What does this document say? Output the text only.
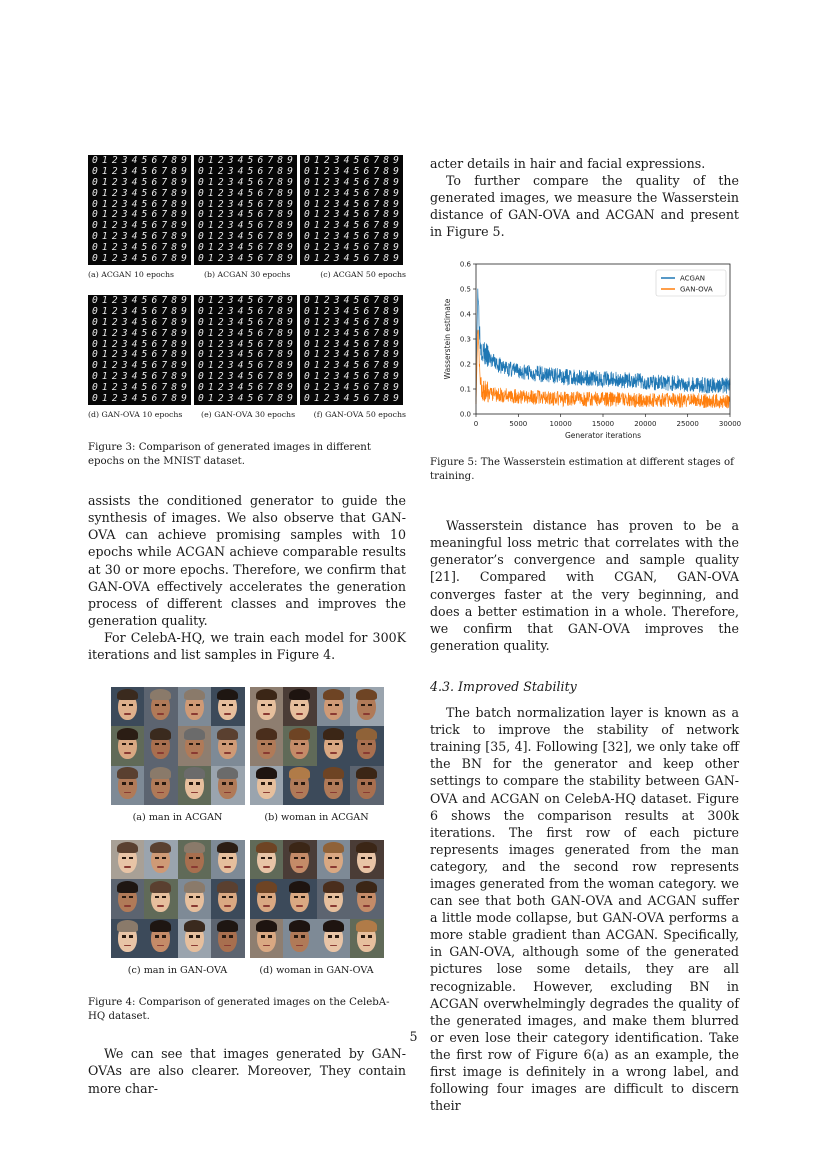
0 1 2 3 4 5 6 7 8 9
0 1 2 3 4 5 6 7 8 9
0 1 2 3 4 5 6 7 8 9
0 1 2 3 4 5 6 7 8 9
0 1 2 3 4 5 6 7 8 9
0 1 2 3 4 5 6 7 8 9
0 1 2 3 4 5 6 7 8 9
0 1 2 3 4 5 6 7 8 9
0 1 2 3 4 5 6 7 8 9
0 1 2 3 4 5 6 7 8 9
0 1 2 3 4 5 6 7 8 9
0 1 2 3 4 5 6 7 8 9
0 1 2 3 4 5 6 7 8 9
0 1 2 3 4 5 6 7 8 9
0 1 2 3 4 5 6 7 8 9
0 1 2 3 4 5 6 7 8 9
0 1 2 3 4 5 6 7 8 9
0 1 2 3 4 5 6 7 8 9
0 1 2 3 4 5 6 7 8 9
0 1 2 3 4 5 6 7 8 9
0 1 2 3 4 5 6 7 8 9
0 1 2 3 4 5 6 7 8 9
0 1 2 3 4 5 6 7 8 9
0 1 2 3 4 5 6 7 8 9
0 1 2 3 4 5 6 7 8 9
0 1 2 3 4 5 6 7 8 9
0 1 2 3 4 5 6 7 8 9
0 1 2 3 4 5 6 7 8 9
0 1 2 3 4 5 6 7 8 9
0 1 2 3 4 5 6 7 8 9
(a) ACGAN 10 epochs	(b) ACGAN 30 epochs	(c) ACGAN 50 epochs
0 1 2 3 4 5 6 7 8 9
0 1 2 3 4 5 6 7 8 9
0 1 2 3 4 5 6 7 8 9
0 1 2 3 4 5 6 7 8 9
0 1 2 3 4 5 6 7 8 9
0 1 2 3 4 5 6 7 8 9
0 1 2 3 4 5 6 7 8 9
0 1 2 3 4 5 6 7 8 9
0 1 2 3 4 5 6 7 8 9
0 1 2 3 4 5 6 7 8 9
0 1 2 3 4 5 6 7 8 9
0 1 2 3 4 5 6 7 8 9
0 1 2 3 4 5 6 7 8 9
0 1 2 3 4 5 6 7 8 9
0 1 2 3 4 5 6 7 8 9
0 1 2 3 4 5 6 7 8 9
0 1 2 3 4 5 6 7 8 9
0 1 2 3 4 5 6 7 8 9
0 1 2 3 4 5 6 7 8 9
0 1 2 3 4 5 6 7 8 9
0 1 2 3 4 5 6 7 8 9
0 1 2 3 4 5 6 7 8 9
0 1 2 3 4 5 6 7 8 9
0 1 2 3 4 5 6 7 8 9
0 1 2 3 4 5 6 7 8 9
0 1 2 3 4 5 6 7 8 9
0 1 2 3 4 5 6 7 8 9
0 1 2 3 4 5 6 7 8 9
0 1 2 3 4 5 6 7 8 9
0 1 2 3 4 5 6 7 8 9
(d) GAN-OVA 10 epochs (e) GAN-OVA 30 epochs (f) GAN-OVA 50 epochs
Figure 3: Comparison of generated images in different epochs on the MNIST dataset.

assists the conditioned generator to guide the synthesis of images. We also observe that GAN-OVA can achieve promising samples with 10 epochs while ACGAN achieve comparable results at 30 or more epochs. Therefore, we confirm that GAN-OVA effectively accelerates the generation process of different classes and improves the generation quality.

For CelebA-HQ, we train each model for 300K iterations and list samples in Figure 4.

(a) man in ACGAN	(b) woman in ACGAN
(c) man in GAN-OVA	(d) woman in GAN-OVA
Figure 4: Comparison of generated images on the CelebA-HQ dataset.

We can see that images generated by GAN-OVAs are also clearer. Moreover, They contain more char-

acter details in hair and facial expressions.

To further compare the quality of the generated images, we measure the Wasserstein distance of GAN-OVA and ACGAN and present in Figure 5.

0	5000	10000	15000	20000	25000	30000
0.0
0.1
0.2
0.3
0.4
0.5
0.6
Generator iterations
Wasserstein estimate
ACGAN
GAN-OVA
Figure 5: The Wasserstein estimation at different stages of training.

Wasserstein distance has proven to be a meaningful loss metric that correlates with the generator’s convergence and sample quality [21]. Compared with CGAN, GAN-OVA converges faster at the very beginning, and does a better estimation in a whole. Therefore, we confirm that GAN-OVA improves the generation quality.

4.3. Improved Stability

The batch normalization layer is known as a trick to improve the stability of network training [35, 4]. Following [32], we only take off the BN for the generator and keep other settings to compare the stability between GAN-OVA and ACGAN on CelebA-HQ dataset. Figure 6 shows the comparison results at 300k iterations. The first row of each picture represents images generated from the man category, and the second row represents images generated from the woman category. we can see that both GAN-OVA and ACGAN suffer a little mode collapse, but GAN-OVA performs a more stable gradient than ACGAN. Specifically, in GAN-OVA, although some of the generated pictures lose some details, they are all recognizable. However, excluding BN in ACGAN overwhelmingly degrades the quality of the generated images, and make them blurred or even lose their category identification. Take the first row of Figure 6(a) as an example, the first image is definitely in a wrong label, and following four images are difficult to discern their

5
